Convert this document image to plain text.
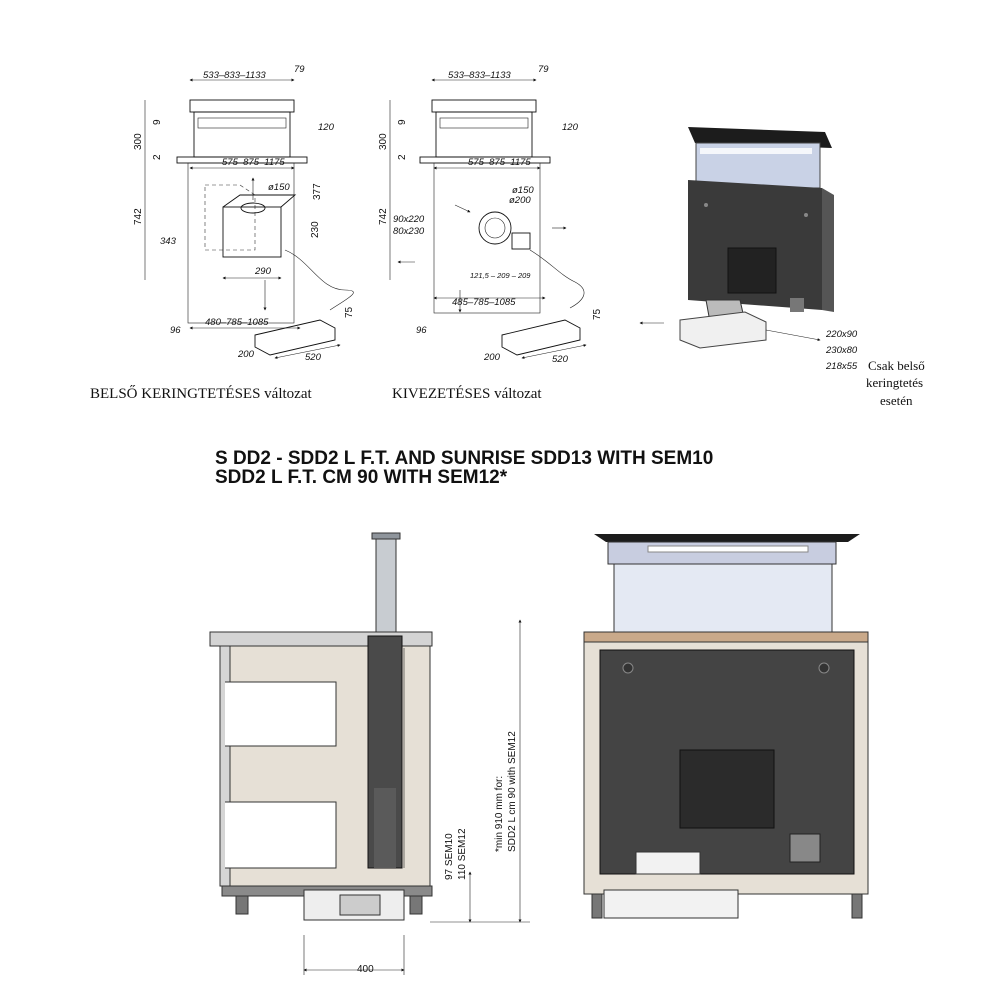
533–833–1133
79
300
9
2
742
120
575–875–1175
ø150 377
343
230
290
96
480–785–1085
75
200	520
BELSŐ KERINGTETÉSES változat
533–833–1133
79
300
9
2
742
120
575–875–1175
ø150
ø200
90x220
80x230
121,5 – 209 – 209
485–785–1085
96
75
200	520
KIVEZETÉSES változat
220x90
230x80
218x55 Csak belső
keringtetés
esetén
S DD2 - SDD2 L F.T. AND SUNRISE SDD13 WITH SEM10
SDD2 L F.T. CM 90 WITH SEM12*
400
97 SEM10 110 SEM12
*min 910 mm for: SDD2 L cm 90 with SEM12
